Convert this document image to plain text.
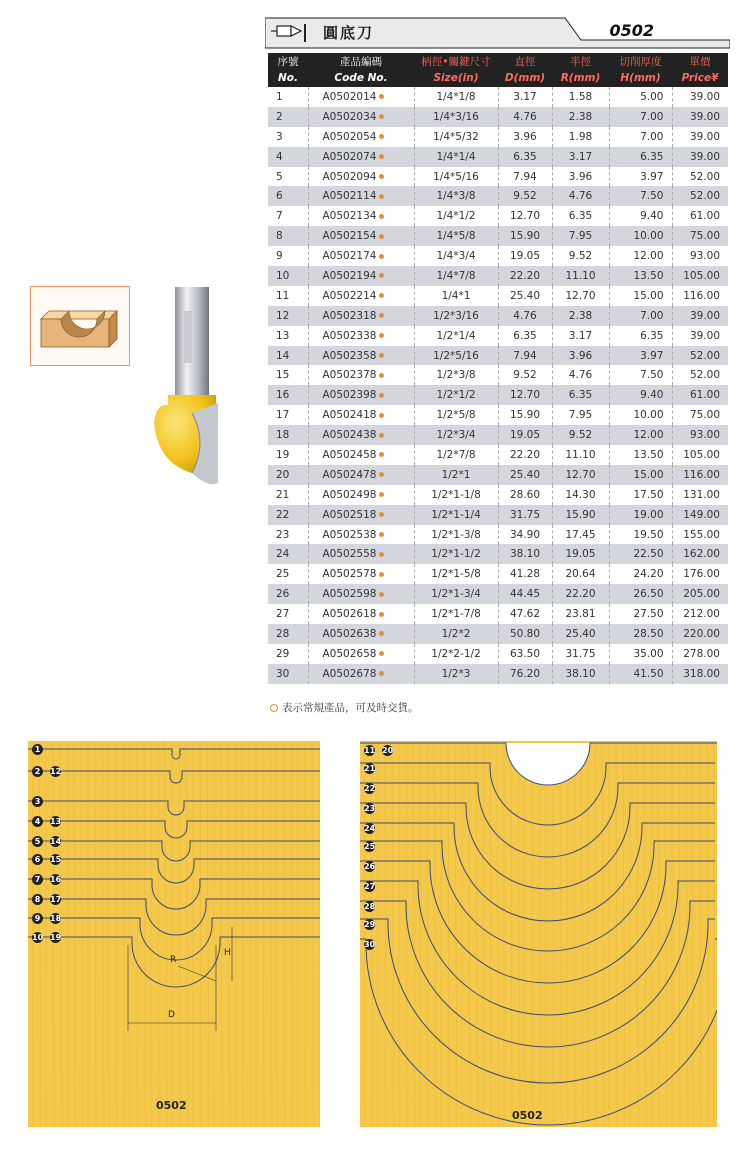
圓底刀	0502
序號	產品編碼	柄徑•關鍵尺寸	直徑	半徑	切削厚度	單價
No.	Code No.	Size(in)	D(mm)	R(mm)	H(mm)	Price¥
1	A0502014	1/4*1/8	3.17	1.58	5.00	39.00
2	A0502034	1/4*3/16	4.76	2.38	7.00	39.00
3	A0502054	1/4*5/32	3.96	1.98	7.00	39.00
4	A0502074	1/4*1/4	6.35	3.17	6.35	39.00
5	A0502094	1/4*5/16	7.94	3.96	3.97	52.00
6	A0502114	1/4*3/8	9.52	4.76	7.50	52.00
7	A0502134	1/4*1/2	12.70	6.35	9.40	61.00
8	A0502154	1/4*5/8	15.90	7.95	10.00	75.00
9	A0502174	1/4*3/4	19.05	9.52	12.00	93.00
10	A0502194	1/4*7/8	22.20	11.10	13.50	105.00
11	A0502214	1/4*1	25.40	12.70	15.00	116.00
12	A0502318	1/2*3/16	4.76	2.38	7.00	39.00
13	A0502338	1/2*1/4	6.35	3.17	6.35	39.00
14	A0502358	1/2*5/16	7.94	3.96	3.97	52.00
15	A0502378	1/2*3/8	9.52	4.76	7.50	52.00
16	A0502398	1/2*1/2	12.70	6.35	9.40	61.00
17	A0502418	1/2*5/8	15.90	7.95	10.00	75.00
18	A0502438	1/2*3/4	19.05	9.52	12.00	93.00
19	A0502458	1/2*7/8	22.20	11.10	13.50	105.00
20	A0502478	1/2*1	25.40	12.70	15.00	116.00
21	A0502498	1/2*1-1/8	28.60	14.30	17.50	131.00
22	A0502518	1/2*1-1/4	31.75	15.90	19.00	149.00
23	A0502538	1/2*1-3/8	34.90	17.45	19.50	155.00
24	A0502558	1/2*1-1/2	38.10	19.05	22.50	162.00
25	A0502578	1/2*1-5/8	41.28	20.64	24.20	176.00
26	A0502598	1/2*1-3/4	44.45	22.20	26.50	205.00
27	A0502618	1/2*1-7/8	47.62	23.81	27.50	212.00
28	A0502638	1/2*2	50.80	25.40	28.50	220.00
29	A0502658	1/2*2-1/2	63.50	31.75	35.00	278.00
30	A0502678	1/2*3	76.20	38.10	41.50	318.00
表示常規產品，可及時交貨。
1
2	12
3
4	13
5	14
6	15
7	16
8	17
9	18
10 19
0502
R
H
D
11 20
21
22
23
24
25
26
27
28
29
30
0502
